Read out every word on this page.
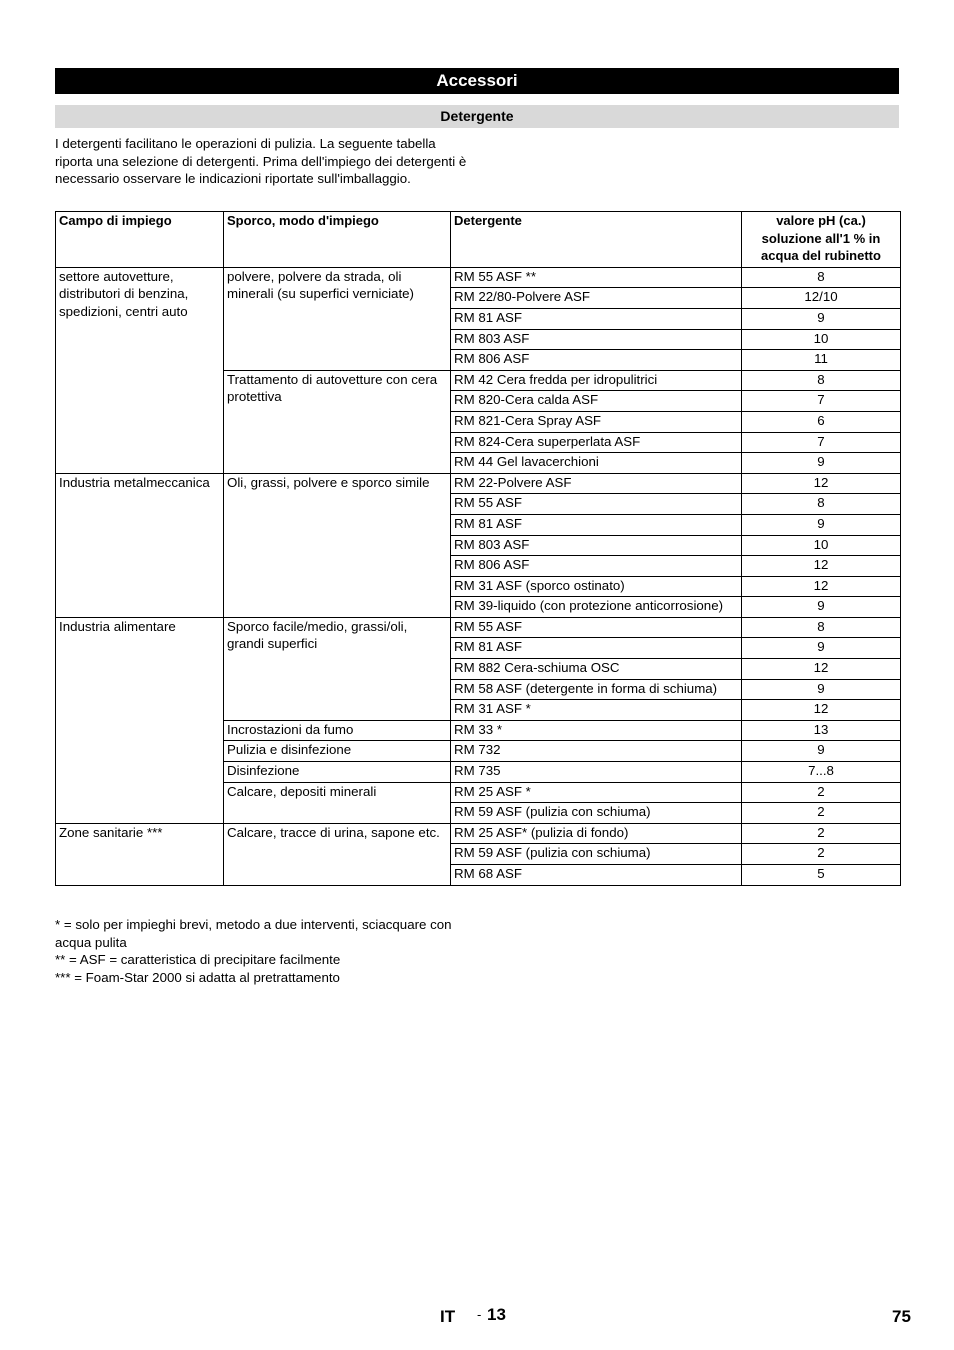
Accessori
Detergente

I detergenti facilitano le operazioni di pulizia. La seguente tabella riporta una selezione di detergenti. Prima dell'impiego dei detergenti è necessario osservare le indicazioni riportate sull'imballaggio.

Campo di impiego	Sporco, modo d'impiego	Detergente	valore pH (ca.) soluzione all'1 % in acqua del rubinetto
settore autovetture, distributori di benzina, spedizioni, centri auto	polvere, polvere da strada, oli minerali (su superfici verniciate)	RM 55 ASF **	8
		RM 22/80-Polvere ASF	12/10
		RM 81 ASF	9
		RM 803 ASF	10
		RM 806 ASF	11
	Trattamento di autovetture con cera protettiva	RM 42 Cera fredda per idropulitrici	8
		RM 820-Cera calda ASF	7
		RM 821-Cera Spray ASF	6
		RM 824-Cera superperlata ASF	7
		RM 44 Gel lavacerchioni	9
Industria metalmeccanica	Oli, grassi, polvere e sporco simile	RM 22-Polvere ASF	12
		RM 55 ASF	8
		RM 81 ASF	9
		RM 803 ASF	10
		RM 806 ASF	12
		RM 31 ASF (sporco ostinato)	12
		RM 39-liquido (con protezione anticorrosione)	9
Industria alimentare	Sporco facile/medio, grassi/oli, grandi superfici	RM 55 ASF	8
		RM 81 ASF	9
		RM 882 Cera-schiuma OSC	12
		RM 58 ASF (detergente in forma di schiuma)	9
		RM 31 ASF *	12
	Incrostazioni da fumo	RM 33 *	13
	Pulizia e disinfezione	RM 732	9
	Disinfezione	RM 735	7...8
	Calcare, depositi minerali	RM 25 ASF *	2
		RM 59 ASF (pulizia con schiuma)	2
Zone sanitarie ***	Calcare, tracce di urina, sapone etc.	RM 25 ASF* (pulizia di fondo)	2
		RM 59 ASF (pulizia con schiuma)	2
		RM 68 ASF	5

* = solo per impieghi brevi, metodo a due interventi, sciacquare con acqua pulita

** = ASF = caratteristica di precipitare facilmente

*** = Foam-Star 2000 si adatta al pretrattamento

IT - 13	75
